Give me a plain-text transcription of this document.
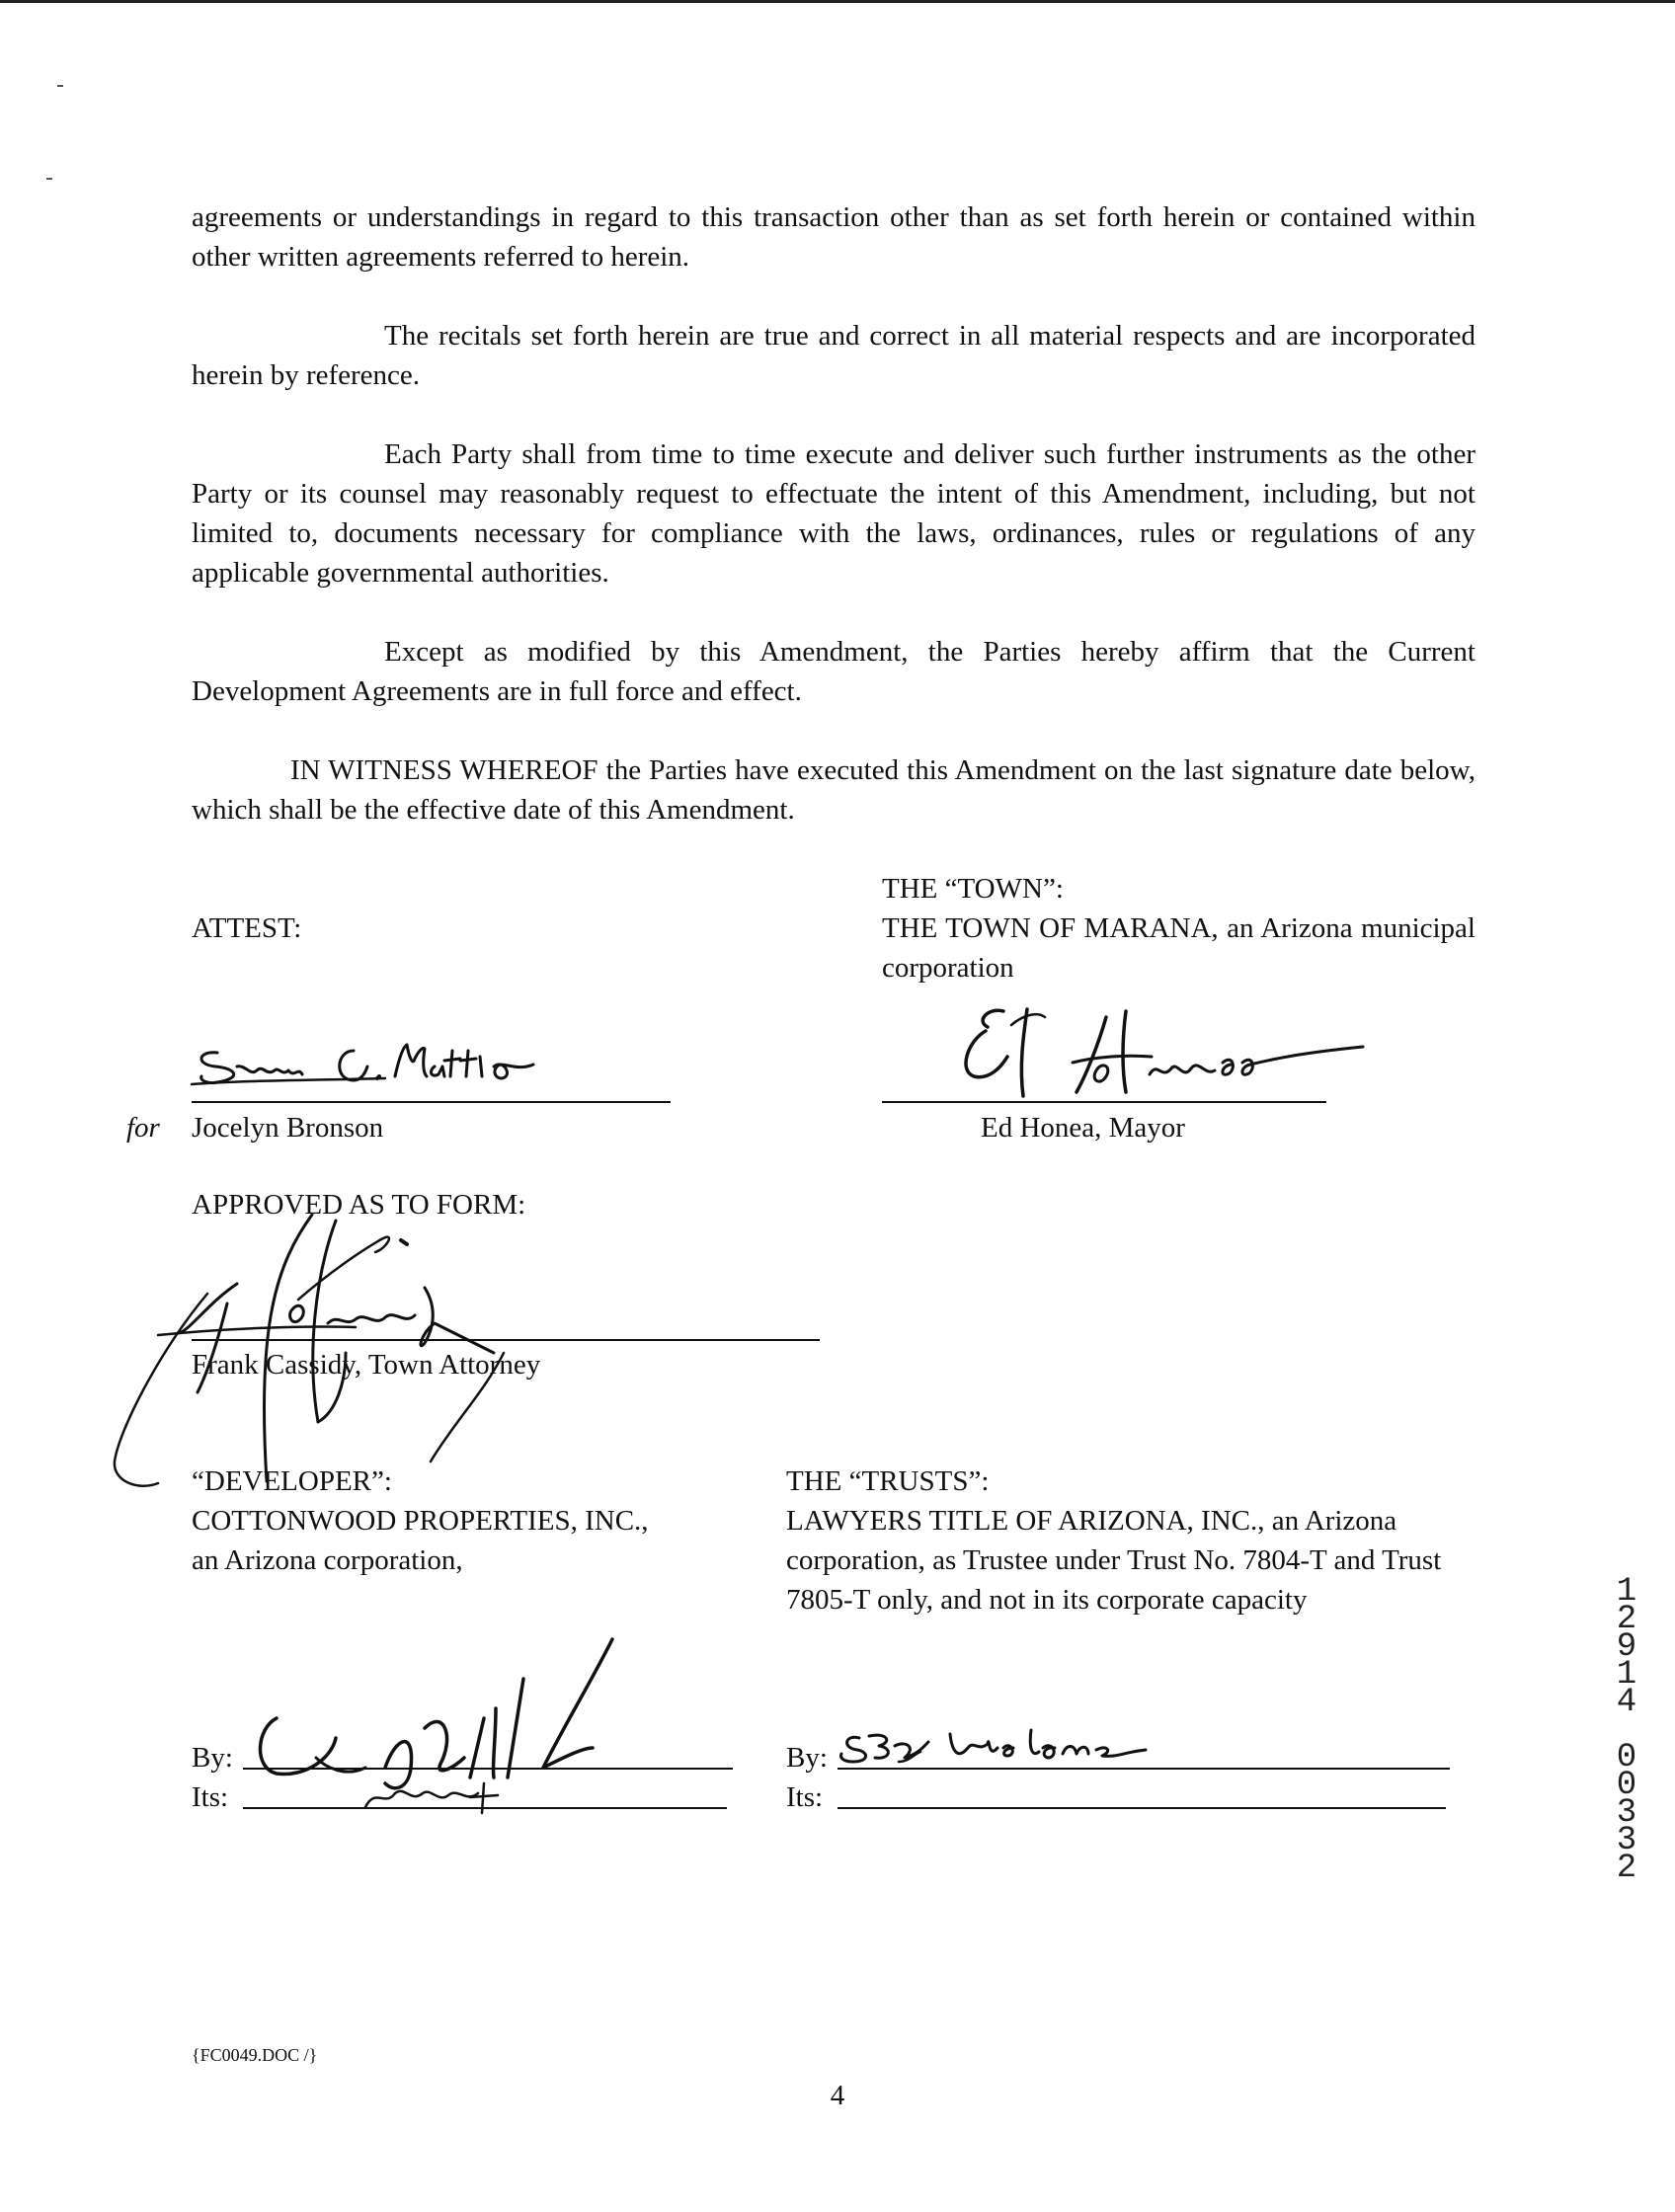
agreements or understandings in regard to this transaction other than as set forth herein or contained within other written agreements referred to herein.

The recitals set forth herein are true and correct in all material respects and are incorporated herein by reference.

Each Party shall from time to time execute and deliver such further instruments as the other Party or its counsel may reasonably request to effectuate the intent of this Amendment, including, but not limited to, documents necessary for compliance with the laws, ordinances, rules or regulations of any applicable governmental authorities.

Except as modified by this Amendment, the Parties hereby affirm that the Current Development Agreements are in full force and effect.

IN WITNESS WHEREOF the Parties have executed this Amendment on the last signature date below, which shall be the effective date of this Amendment.

THE “TOWN”:

THE TOWN OF MARANA, an Arizona municipal corporation

ATTEST:

for Jocelyn Bronson	Ed Honea, Mayor

APPROVED AS TO FORM:

Frank Cassidy, Town Attorney

“DEVELOPER”:

COTTONWOOD PROPERTIES, INC.,

an Arizona corporation,

THE “TRUSTS”:

LAWYERS TITLE OF ARIZONA, INC., an Arizona corporation, as Trustee under Trust No. 7804-T and Trust 7805-T only, and not in its corporate capacity

By:

Its:

By:

Its:

1
2
9
1
4
0
0
3
3
2

{FC0049.DOC /}

4
